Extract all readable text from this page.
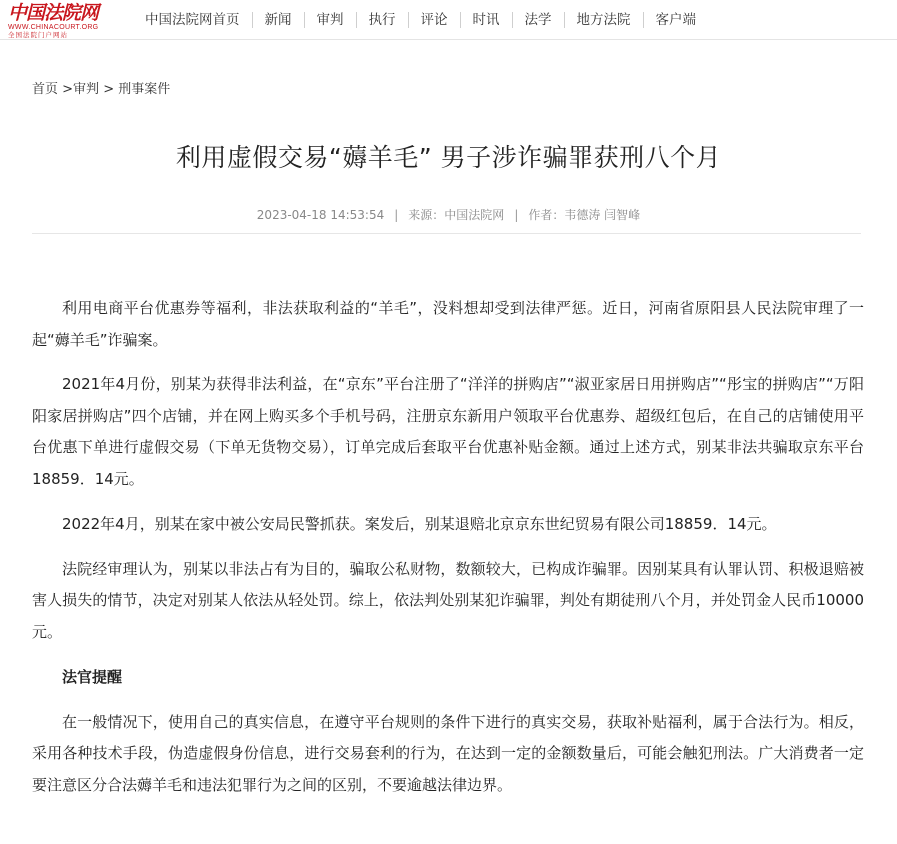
中国法院网
WWW.CHINACOURT.ORG
全国法院门户网站
中国法院网首页	新闻	审判	执行	评论	时讯	法学	地方法院	客户端
首页 >审判 > 刑事案件
利用虚假交易“薅羊毛” 男子涉诈骗罪获刑八个月
2023-04-18 14:53:54 | 来源：中国法院网 | 作者：韦德涛 闫智峰

利用电商平台优惠券等福利，非法获取利益的“羊毛”，没料想却受到法律严惩。近日，河南省原阳县人民法院审理了一起“薅羊毛”诈骗案。

2021年4月份，别某为获得非法利益，在“京东”平台注册了“洋洋的拼购店”“淑亚家居日用拼购店”“彤宝的拼购店”“万阳阳家居拼购店”四个店铺，并在网上购买多个手机号码，注册京东新用户领取平台优惠券、超级红包后，在自己的店铺使用平台优惠下单进行虚假交易（下单无货物交易），订单完成后套取平台优惠补贴金额。通过上述方式，别某非法共骗取京东平台18859．14元。

2022年4月，别某在家中被公安局民警抓获。案发后，别某退赔北京京东世纪贸易有限公司18859．14元。

法院经审理认为，别某以非法占有为目的，骗取公私财物，数额较大，已构成诈骗罪。因别某具有认罪认罚、积极退赔被害人损失的情节，决定对别某人依法从轻处罚。综上，依法判处别某犯诈骗罪，判处有期徒刑八个月，并处罚金人民币10000 元。

法官提醒

在一般情况下，使用自己的真实信息，在遵守平台规则的条件下进行的真实交易，获取补贴福利，属于合法行为。相反，采用各种技术手段，伪造虚假身份信息，进行交易套利的行为，在达到一定的金额数量后，可能会触犯刑法。广大消费者一定要注意区分合法薅羊毛和违法犯罪行为之间的区别，不要逾越法律边界。
